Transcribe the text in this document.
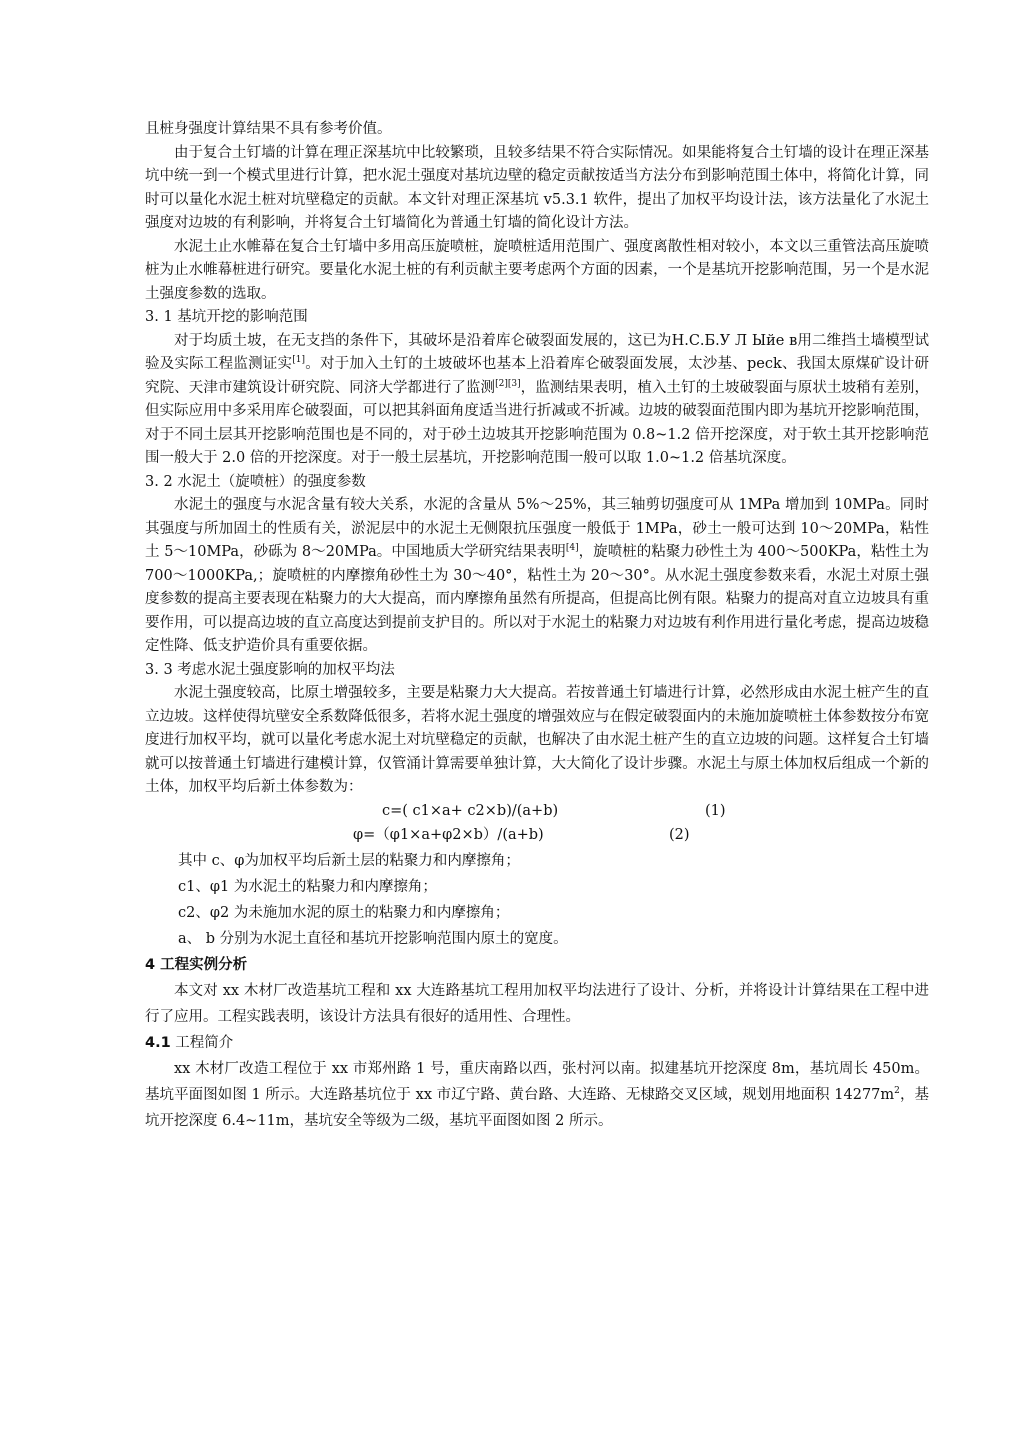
且桩身强度计算结果不具有参考价值。

由于复合土钉墙的计算在理正深基坑中比较繁琐，且较多结果不符合实际情况。如果能将复合土钉墙的设计在理正深基坑中统一到一个模式里进行计算，把水泥土强度对基坑边壁的稳定贡献按适当方法分布到影响范围土体中，将简化计算，同时可以量化水泥土桩对坑壁稳定的贡献。本文针对理正深基坑 v5.3.1 软件，提出了加权平均设计法，该方法量化了水泥土强度对边坡的有利影响，并将复合土钉墙简化为普通土钉墙的简化设计方法。

水泥土止水帷幕在复合土钉墙中多用高压旋喷桩，旋喷桩适用范围广、强度离散性相对较小，本文以三重管法高压旋喷桩为止水帷幕桩进行研究。要量化水泥土桩的有利贡献主要考虑两个方面的因素，一个是基坑开挖影响范围，另一个是水泥土强度参数的选取。

3. 1 基坑开挖的影响范围

对于均质土坡，在无支挡的条件下，其破坏是沿着库仑破裂面发展的，这已为Н.С.Б.У Л Ыйе в用二维挡土墙模型试验及实际工程监测证实[1]。对于加入土钉的土坡破坏也基本上沿着库仑破裂面发展，太沙基、peck、我国太原煤矿设计研究院、天津市建筑设计研究院、同济大学都进行了监测[2][3]，监测结果表明，植入土钉的土坡破裂面与原状土坡稍有差别，但实际应用中多采用库仑破裂面，可以把其斜面角度适当进行折减或不折减。边坡的破裂面范围内即为基坑开挖影响范围，对于不同土层其开挖影响范围也是不同的，对于砂土边坡其开挖影响范围为 0.8~1.2 倍开挖深度，对于软土其开挖影响范围一般大于 2.0 倍的开挖深度。对于一般土层基坑，开挖影响范围一般可以取 1.0~1.2 倍基坑深度。

3. 2 水泥土（旋喷桩）的强度参数

水泥土的强度与水泥含量有较大关系，水泥的含量从 5%～25%，其三轴剪切强度可从 1MPa 增加到 10MPa。同时其强度与所加固土的性质有关，淤泥层中的水泥土无侧限抗压强度一般低于 1MPa，砂土一般可达到 10～20MPa，粘性土 5～10MPa，砂砾为 8～20MPa。中国地质大学研究结果表明[4]，旋喷桩的粘聚力砂性土为 400～500KPa，粘性土为 700～1000KPa,；旋喷桩的内摩擦角砂性土为 30～40°，粘性土为 20～30°。从水泥土强度参数来看，水泥土对原土强度参数的提高主要表现在粘聚力的大大提高，而内摩擦角虽然有所提高，但提高比例有限。粘聚力的提高对直立边坡具有重要作用，可以提高边坡的直立高度达到提前支护目的。所以对于水泥土的粘聚力对边坡有利作用进行量化考虑，提高边坡稳定性降、低支护造价具有重要依据。

3. 3 考虑水泥土强度影响的加权平均法

水泥土强度较高，比原土增强较多，主要是粘聚力大大提高。若按普通土钉墙进行计算，必然形成由水泥土桩产生的直立边坡。这样使得坑壁安全系数降低很多，若将水泥土强度的增强效应与在假定破裂面内的未施加旋喷桩土体参数按分布宽度进行加权平均，就可以量化考虑水泥土对坑壁稳定的贡献，也解决了由水泥土桩产生的直立边坡的问题。这样复合土钉墙就可以按普通土钉墙进行建模计算，仅管涌计算需要单独计算，大大简化了设计步骤。水泥土与原土体加权后组成一个新的土体，加权平均后新土体参数为：

c=( c1×a+ c2×b)/(a+b)	(1)
φ=（φ1×a+φ2×b）/(a+b)	(2)

其中 c、φ为加权平均后新土层的粘聚力和内摩擦角；

c1、φ1 为水泥土的粘聚力和内摩擦角；

c2、φ2 为未施加水泥的原土的粘聚力和内摩擦角；

a、 b 分别为水泥土直径和基坑开挖影响范围内原土的宽度。

4 工程实例分析

本文对 xx 木材厂改造基坑工程和 xx 大连路基坑工程用加权平均法进行了设计、分析，并将设计计算结果在工程中进行了应用。工程实践表明，该设计方法具有很好的适用性、合理性。

4.1 工程简介

xx 木材厂改造工程位于 xx 市郑州路 1 号，重庆南路以西，张村河以南。拟建基坑开挖深度 8m，基坑周长 450m。基坑平面图如图 1 所示。大连路基坑位于 xx 市辽宁路、黄台路、大连路、无棣路交叉区域，规划用地面积 $14277m^2$，基坑开挖深度 6.4~11m，基坑安全等级为二级，基坑平面图如图 2 所示。
